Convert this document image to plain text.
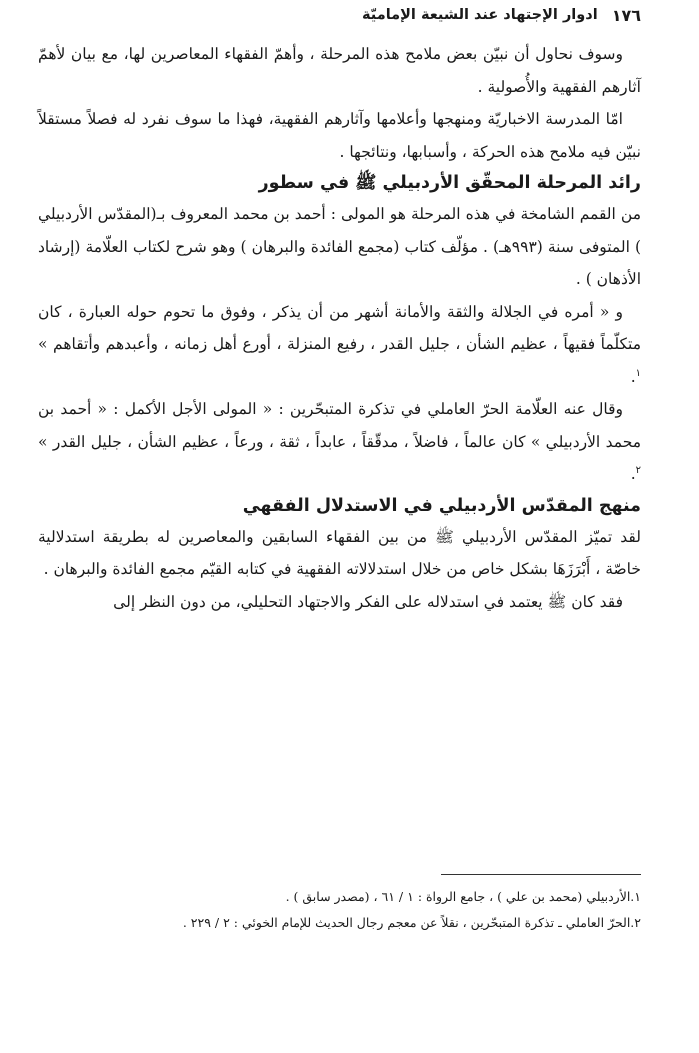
١٧٦
ادوار الإجتهاد عند الشيعة الإماميّة

وسوف نحاول أن نبيّن بعض ملامح هذه المرحلة ، وأهمّ الفقهاء المعاصرين لها، مع بيان لأهمّ آثارهم الفقهية والأُصولية .

امّا المدرسة الاخباريّة ومنهجها وأعلامها وآثارهم الفقهية، فهذا ما سوف نفرد له فصلاً مستقلاً نبيّن فيه ملامح هذه الحركة ، وأسبابها، ونتائجها .

رائد المرحلة المحقّق الأردبيلي ﷺ في سطور

من القمم الشامخة في هذه المرحلة هو المولى : أحمد بن محمد المعروف بـ(المقدّس الأردبيلي ) المتوفى سنة (٩٩٣هـ) . مؤلّف كتاب (مجمع الفائدة والبرهان ) وهو شرح لكتاب العلّامة (إرشاد الأذهان ) .

و « أمره في الجلالة والثقة والأمانة أشهر من أن يذكر ، وفوق ما تحوم حوله العبارة ، كان متكلّماً فقيهاً ، عظيم الشأن ، جليل القدر ، رفيع المنزلة ، أورع أهل زمانه ، وأعبدهم وأتقاهم » $^١$.

وقال عنه العلّامة الحرّ العاملي في تذكرة المتبحّرين : « المولى الأجل الأكمل : « أحمد بن محمد الأردبيلي » كان عالماً ، فاضلاً ، مدقّقاً ، عابداً ، ثقة ، ورعاً ، عظيم الشأن ، جليل القدر » $^٢$.

منهج المقدّس الأردبيلي في الاستدلال الفقهي

لقد تميّز المقدّس الأردبيلي ﷺ من بين الفقهاء السابقين والمعاصرين له بطريقة استدلالية خاصّة ، أَبْرَزَهَا بشكل خاص من خلال استدلالاته الفقهية في كتابه القيّم مجمع الفائدة والبرهان .

فقد كان ﷺ يعتمد في استدلاله على الفكر والاجتهاد التحليلي، من دون النظر إلى

١.الأردبيلي (محمد بن علي ) ، جامع الرواة : ١ / ٦١ ، (مصدر سابق ) .

٢.الحرّ العاملي ـ تذكرة المتبحّرين ، نقلاً عن معجم رجال الحديث للإمام الخوئي : ٢ / ٢٢٩ .
